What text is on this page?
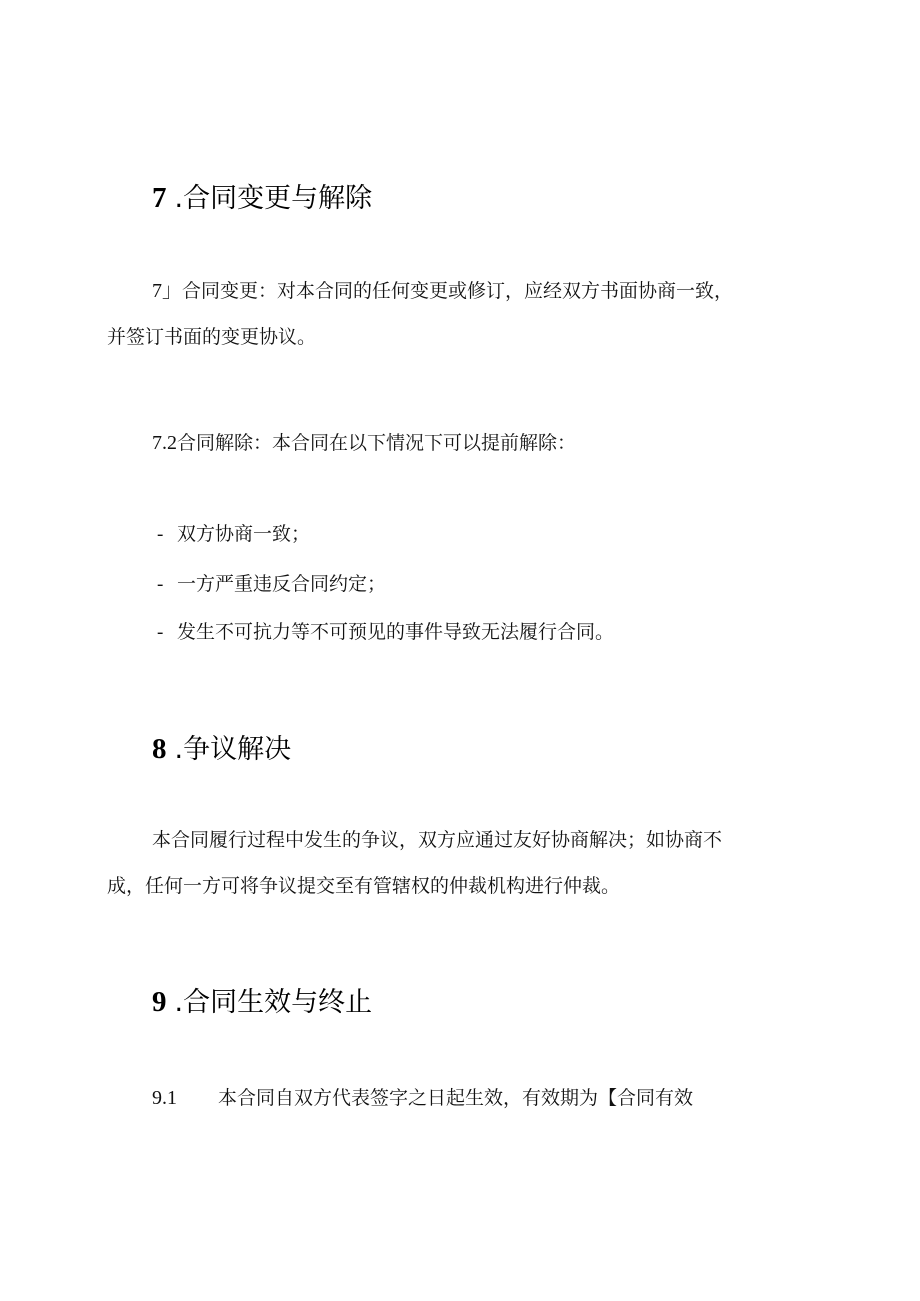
7 .合同变更与解除

7」合同变更：对本合同的任何变更或修订，应经双方书面协商一致，

并签订书面的变更协议。

7.2合同解除：本合同在以下情况下可以提前解除：

- 双方协商一致；

- 一方严重违反合同约定；

- 发生不可抗力等不可预见的事件导致无法履行合同。

8 .争议解决

本合同履行过程中发生的争议，双方应通过友好协商解决；如协商不

成，任何一方可将争议提交至有管辖权的仲裁机构进行仲裁。

9 .合同生效与终止

9.1 本合同自双方代表签字之日起生效，有效期为【合同有效
